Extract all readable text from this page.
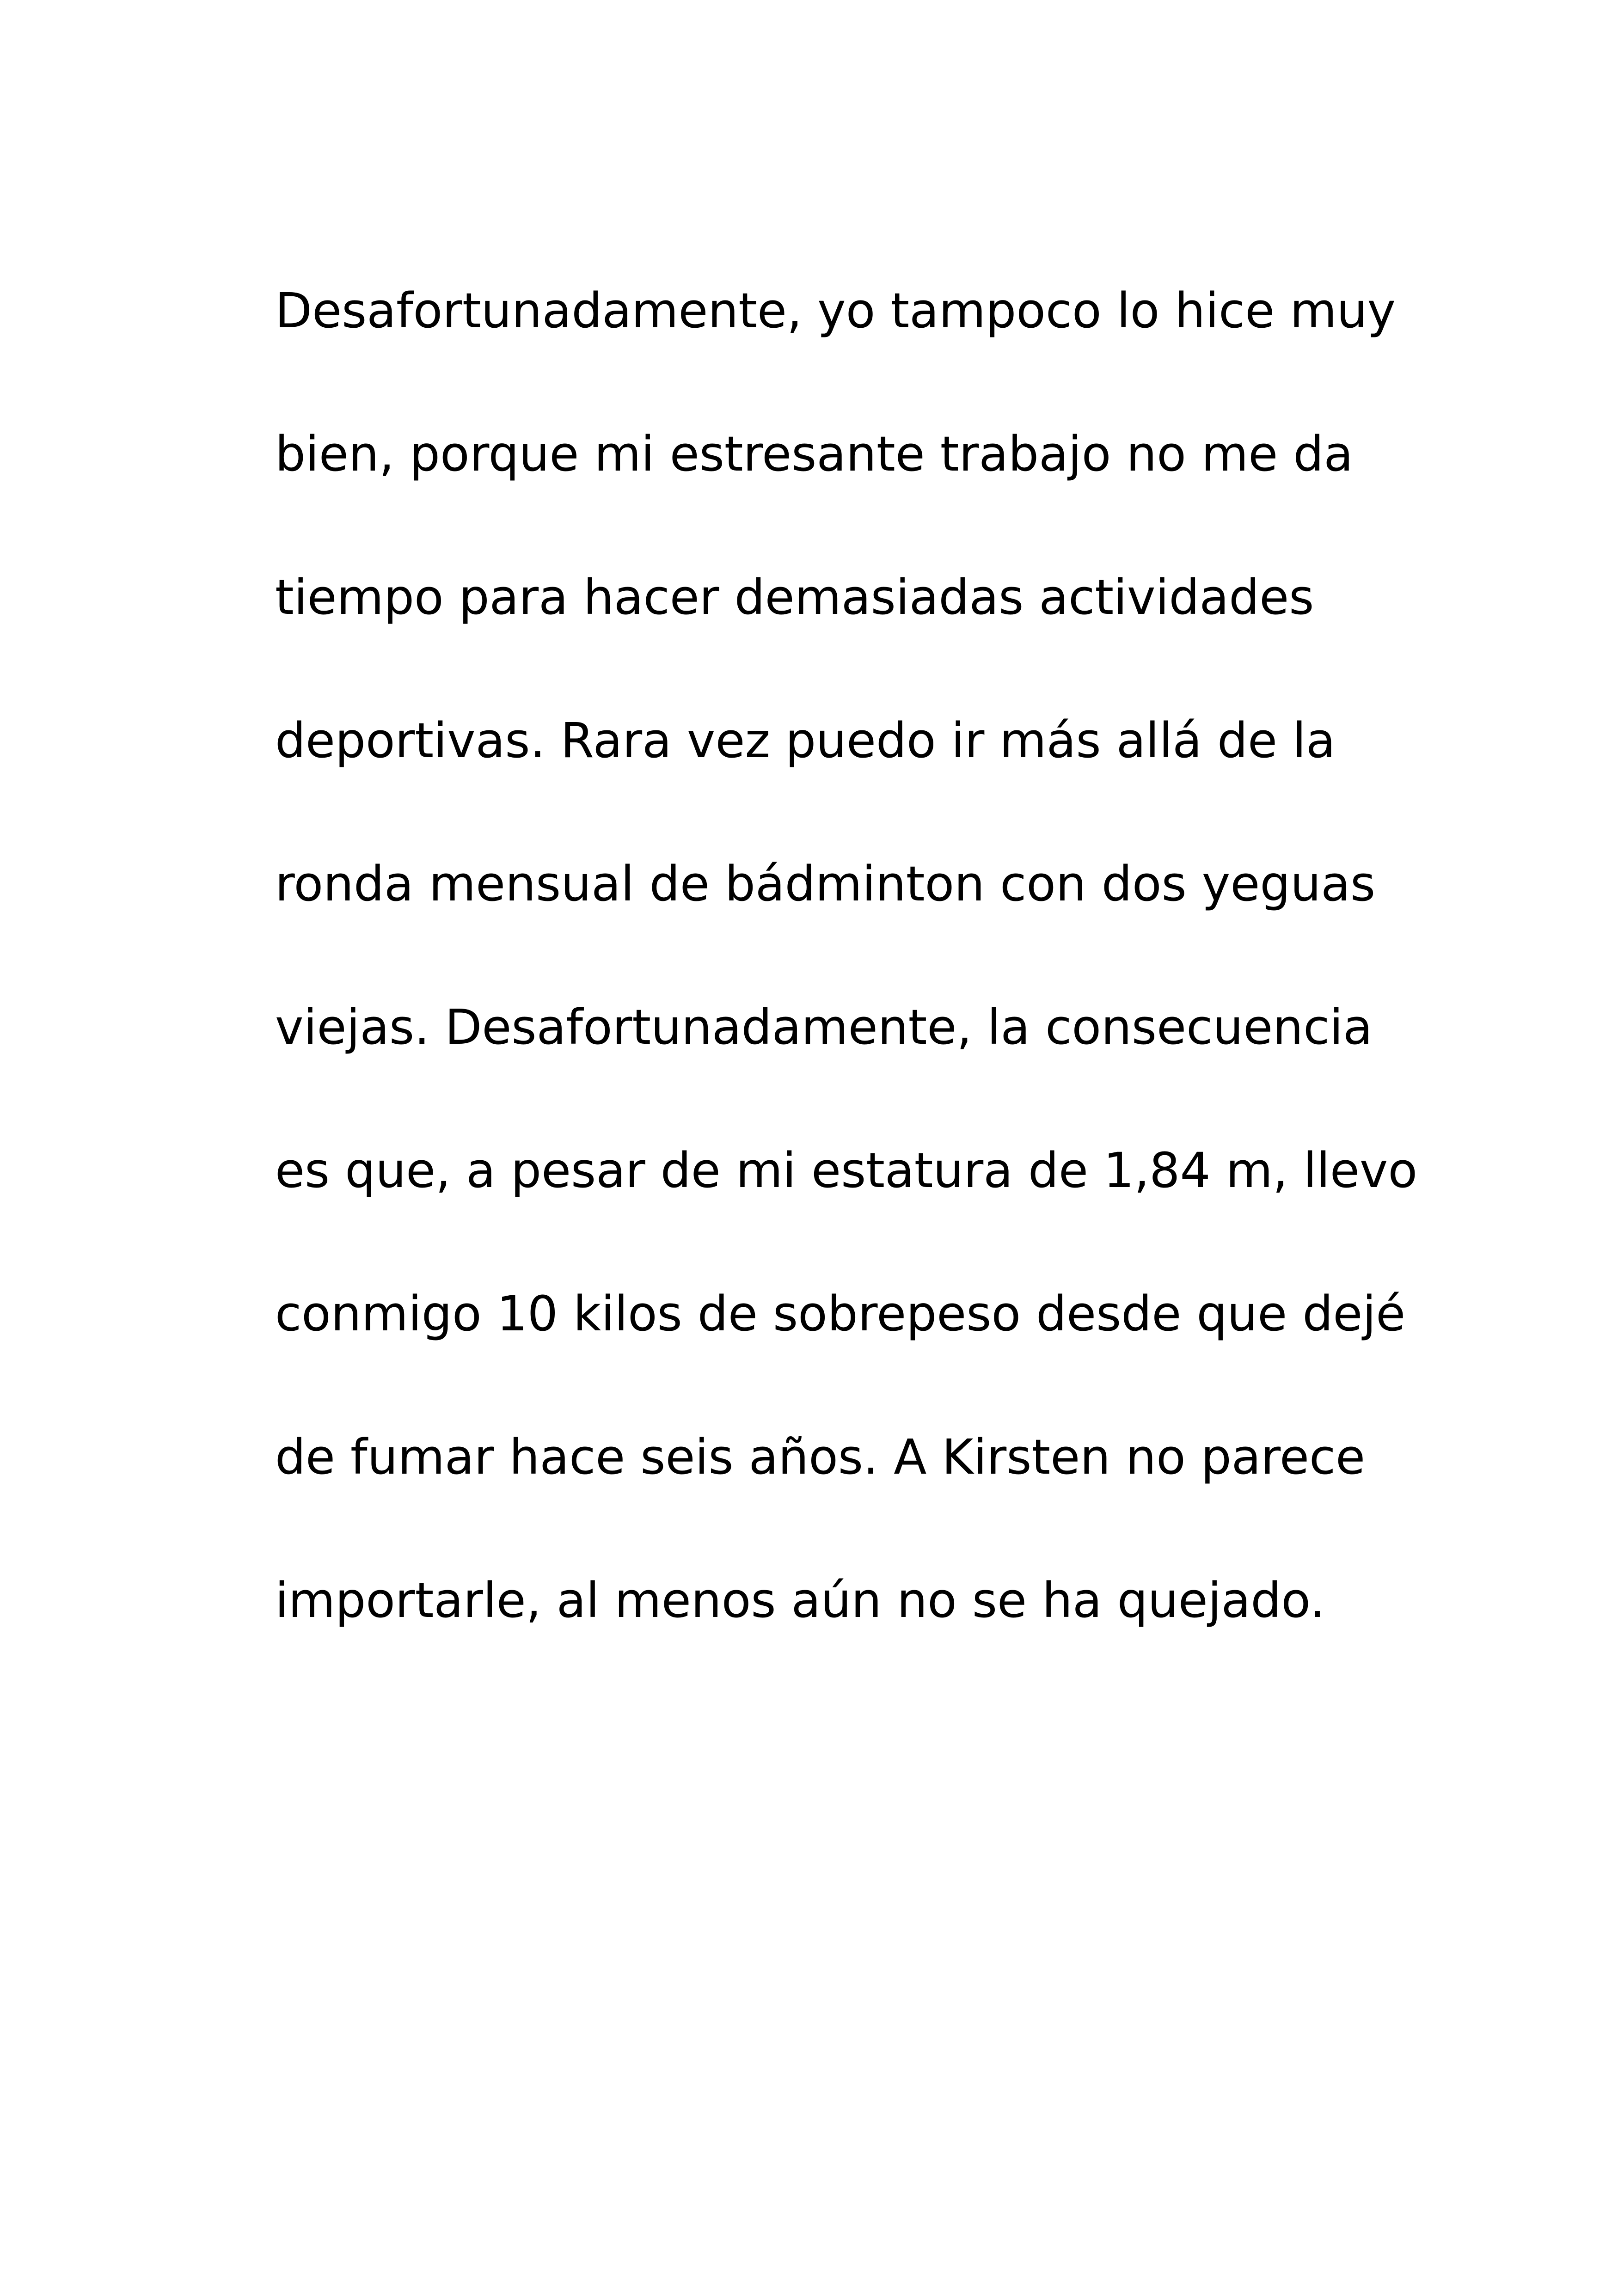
Desafortunadamente, yo tampoco lo hice muy

bien, porque mi estresante trabajo no me da

tiempo para hacer demasiadas actividades

deportivas. Rara vez puedo ir más allá de la

ronda mensual de bádminton con dos yeguas

viejas. Desafortunadamente, la consecuencia

es que, a pesar de mi estatura de 1,84 m, llevo

conmigo 10 kilos de sobrepeso desde que dejé

de fumar hace seis años. A Kirsten no parece

importarle, al menos aún no se ha quejado.
